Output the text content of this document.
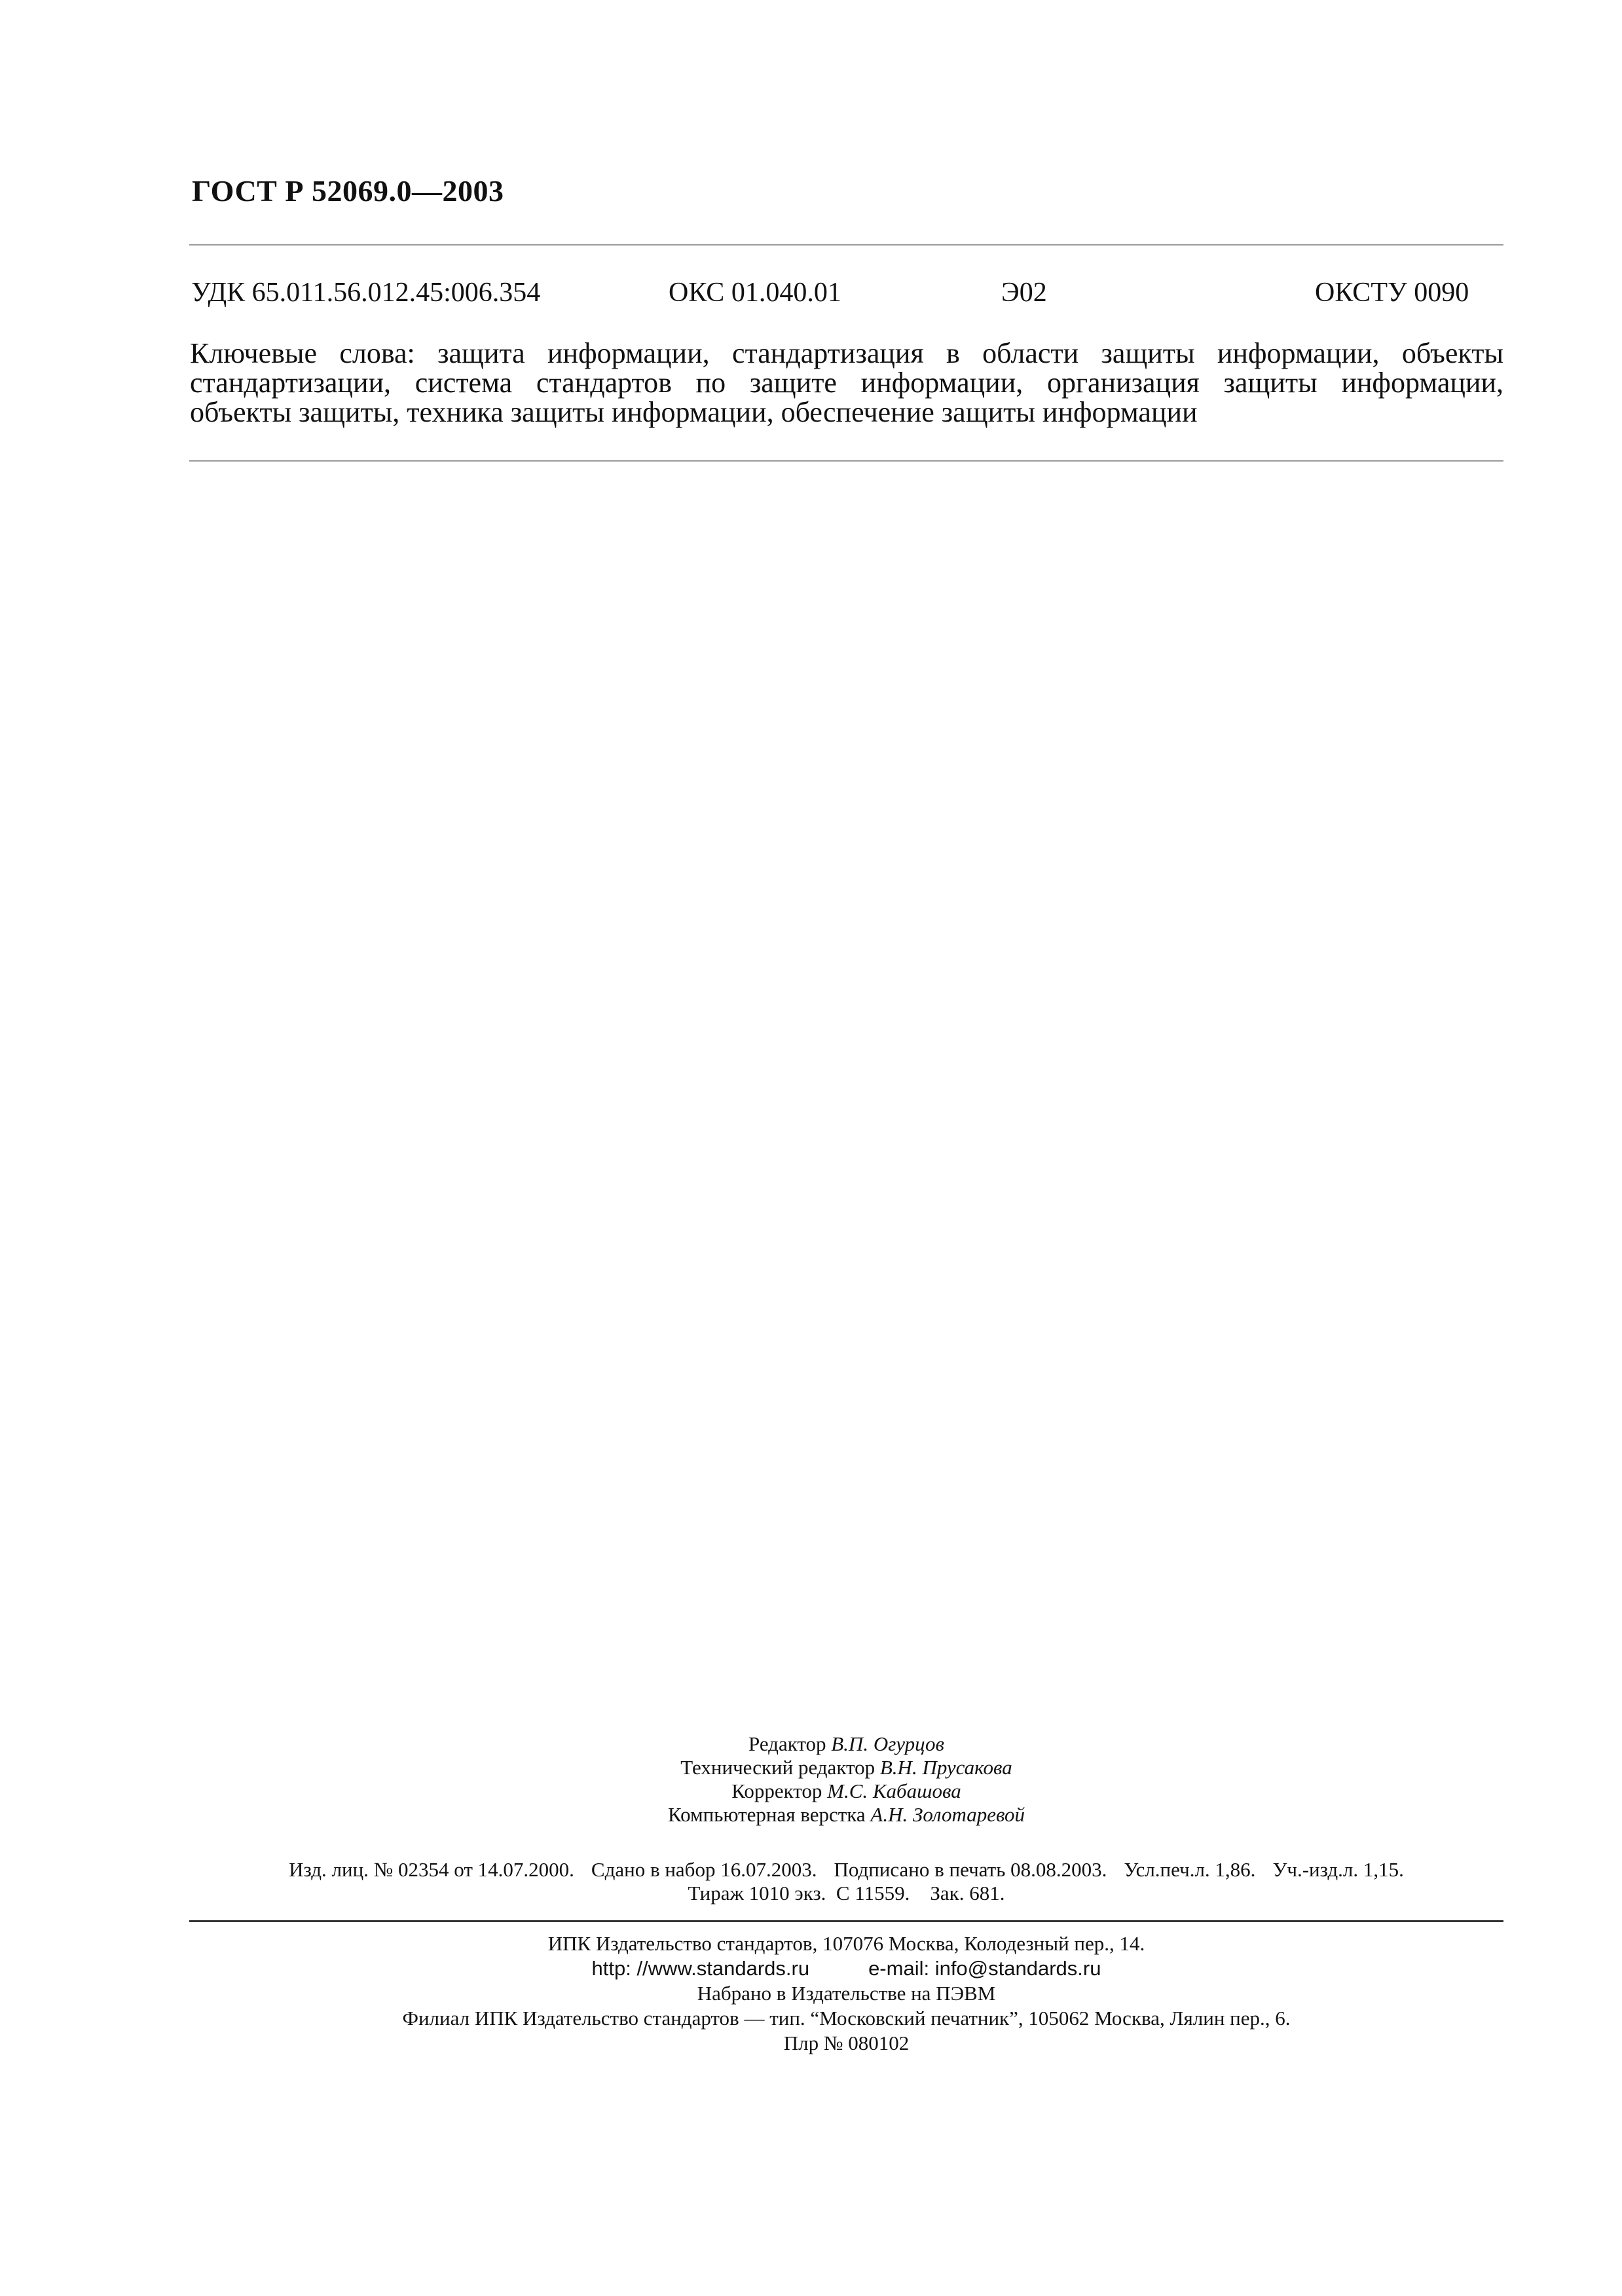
ГОСТ Р 52069.0—2003
УДК 65.011.56.012.45:006.354	ОКС 01.040.01	Э02	ОКСТУ 0090
Ключевые слова: защита информации, стандартизация в области защиты информации, объекты
стандартизации, система стандартов по защите информации, организация защиты информации,
объекты защиты, техника защиты информации, обеспечение защиты информации
Редактор В.П. Огурцов
Технический редактор В.Н. Прусакова
Корректор М.С. Кабашова
Компьютерная верстка А.Н. Золотаревой
Изд. лиц. № 02354 от 14.07.2000. Сдано в набор 16.07.2003. Подписано в печать 08.08.2003. Усл.печ.л. 1,86. Уч.-изд.л. 1,15.
Тираж 1010 экз.  С 11559.    Зак. 681.
ИПК Издательство стандартов, 107076 Москва, Колодезный пер., 14.
http: //www.standards.ru	e-mail: info@standards.ru
Набрано в Издательстве на ПЭВМ
Филиал ИПК Издательство стандартов — тип. “Московский печатник”, 105062 Москва, Лялин пер., 6.
Плр № 080102
